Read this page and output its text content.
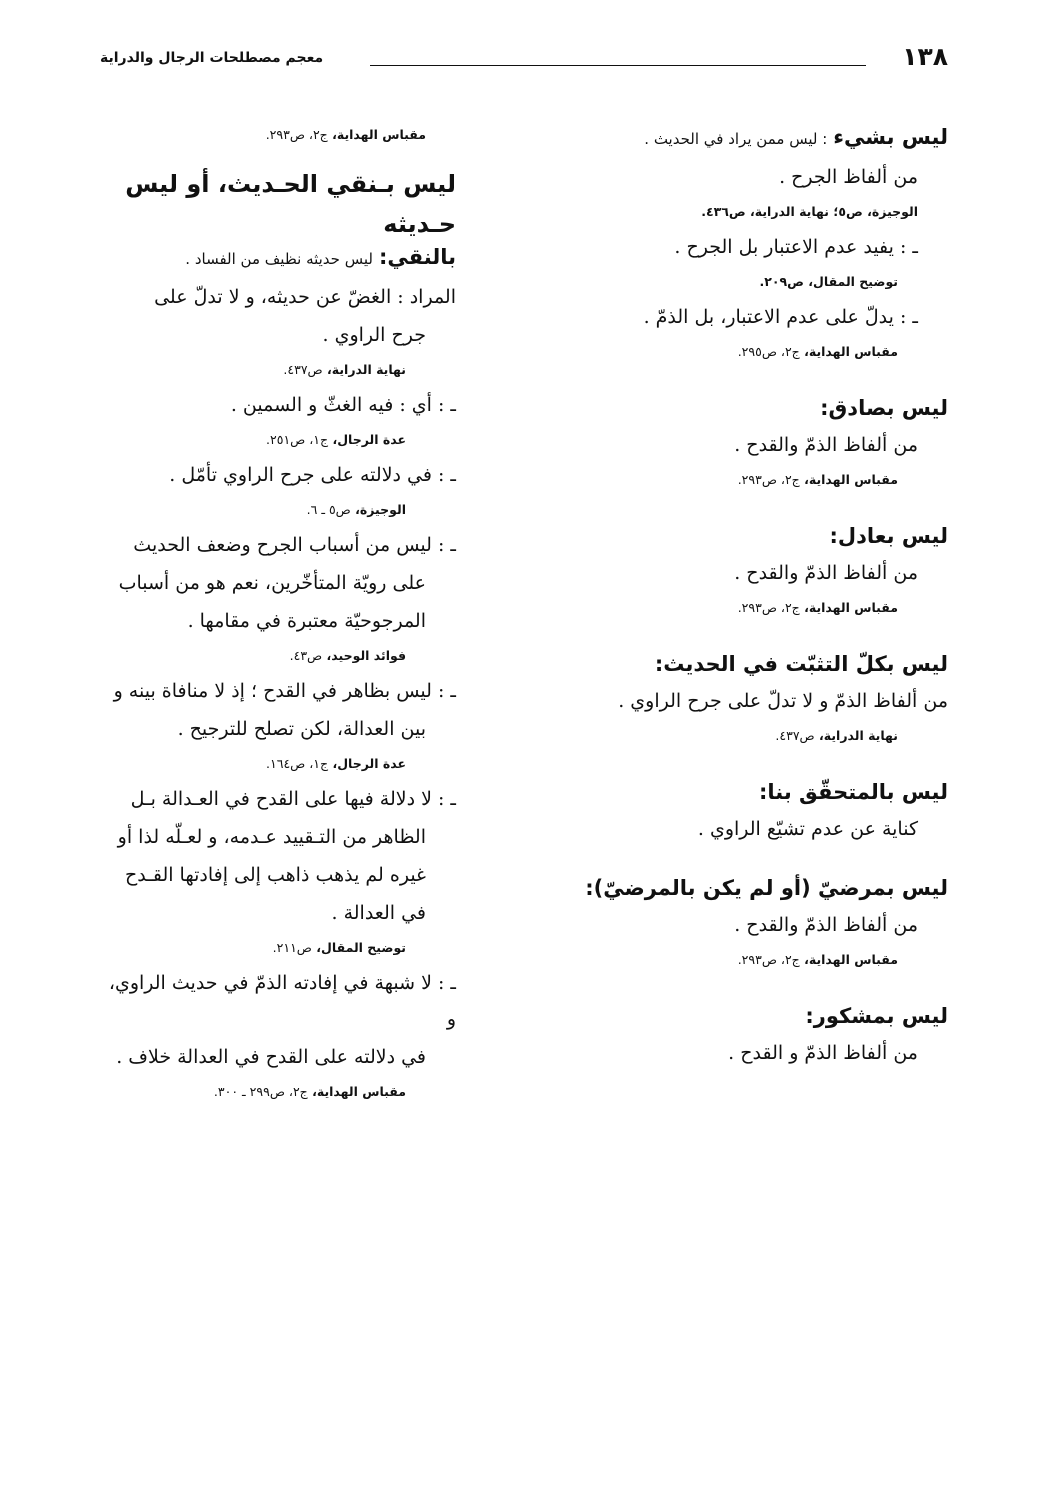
١٣٨
معجم مصطلحات الرجال والدراية
ليس بشيء : ليس ممن يراد في الحديث .
من ألفاظ الجرح .
الوجيزة، ص٥؛ نهاية الدراية، ص٤٣٦.
ـ : يفيد عدم الاعتبار بل الجرح .
توضيح المقال، ص٢٠٩.
ـ : يدلّ على عدم الاعتبار، بل الذمّ .
مقباس الهداية، ج٢، ص٢٩٥.
ليس بصادق:
من ألفاظ الذمّ والقدح .
مقباس الهداية، ج٢، ص٢٩٣.
ليس بعادل:
من ألفاظ الذمّ والقدح .
مقباس الهداية، ج٢، ص٢٩٣.
ليس بكلّ التثبّت في الحديث:
من ألفاظ الذمّ و لا تدلّ على جرح الراوي .
نهاية الدراية، ص٤٣٧.
ليس بالمتحقّق بنا:
كناية عن عدم تشيّع الراوي .
ليس بمرضيّ (أو لم يكن بالمرضيّ):
من ألفاظ الذمّ والقدح .
مقباس الهداية، ج٢، ص٢٩٣.
ليس بمشكور:
من ألفاظ الذمّ و القدح .
مقباس الهداية، ج٢، ص٢٩٣.
ليس بـنقي الحـديث، أو ليس حـديثه
بالنقي: ليس حديثه نظيف من الفساد .
المراد : الغضّ عن حديثه، و لا تدلّ على
جرح الراوي .
نهاية الدراية، ص٤٣٧.
ـ : أي : فيه الغثّ و السمين .
عدة الرجال، ج١، ص٢٥١.
ـ : في دلالته على جرح الراوي تأمّل .
الوجيزة، ص٥ ـ ٦.
ـ : ليس من أسباب الجرح وضعف الحديث
على رويّة المتأخّرين، نعم هو من أسباب
المرجوحيّة معتبرة في مقامها .
فوائد الوحيد، ص٤٣.
ـ : ليس بظاهر في القدح ؛ إذ لا منافاة بينه و
بين العدالة، لكن تصلح للترجيح .
عدة الرجال، ج١، ص١٦٤.
ـ : لا دلالة فيها على القدح في العـدالة بـل
الظاهر من التـقييد عـدمه، و لعـلّه لذا أو
غيره لم يذهب ذاهب إلى إفادتها القـدح
في العدالة .
توضيح المقال، ص٢١١.
ـ : لا شبهة في إفادته الذمّ في حديث الراوي، و
في دلالته على القدح في العدالة خلاف .
مقباس الهداية، ج٢، ص٢٩٩ ـ ٣٠٠.
